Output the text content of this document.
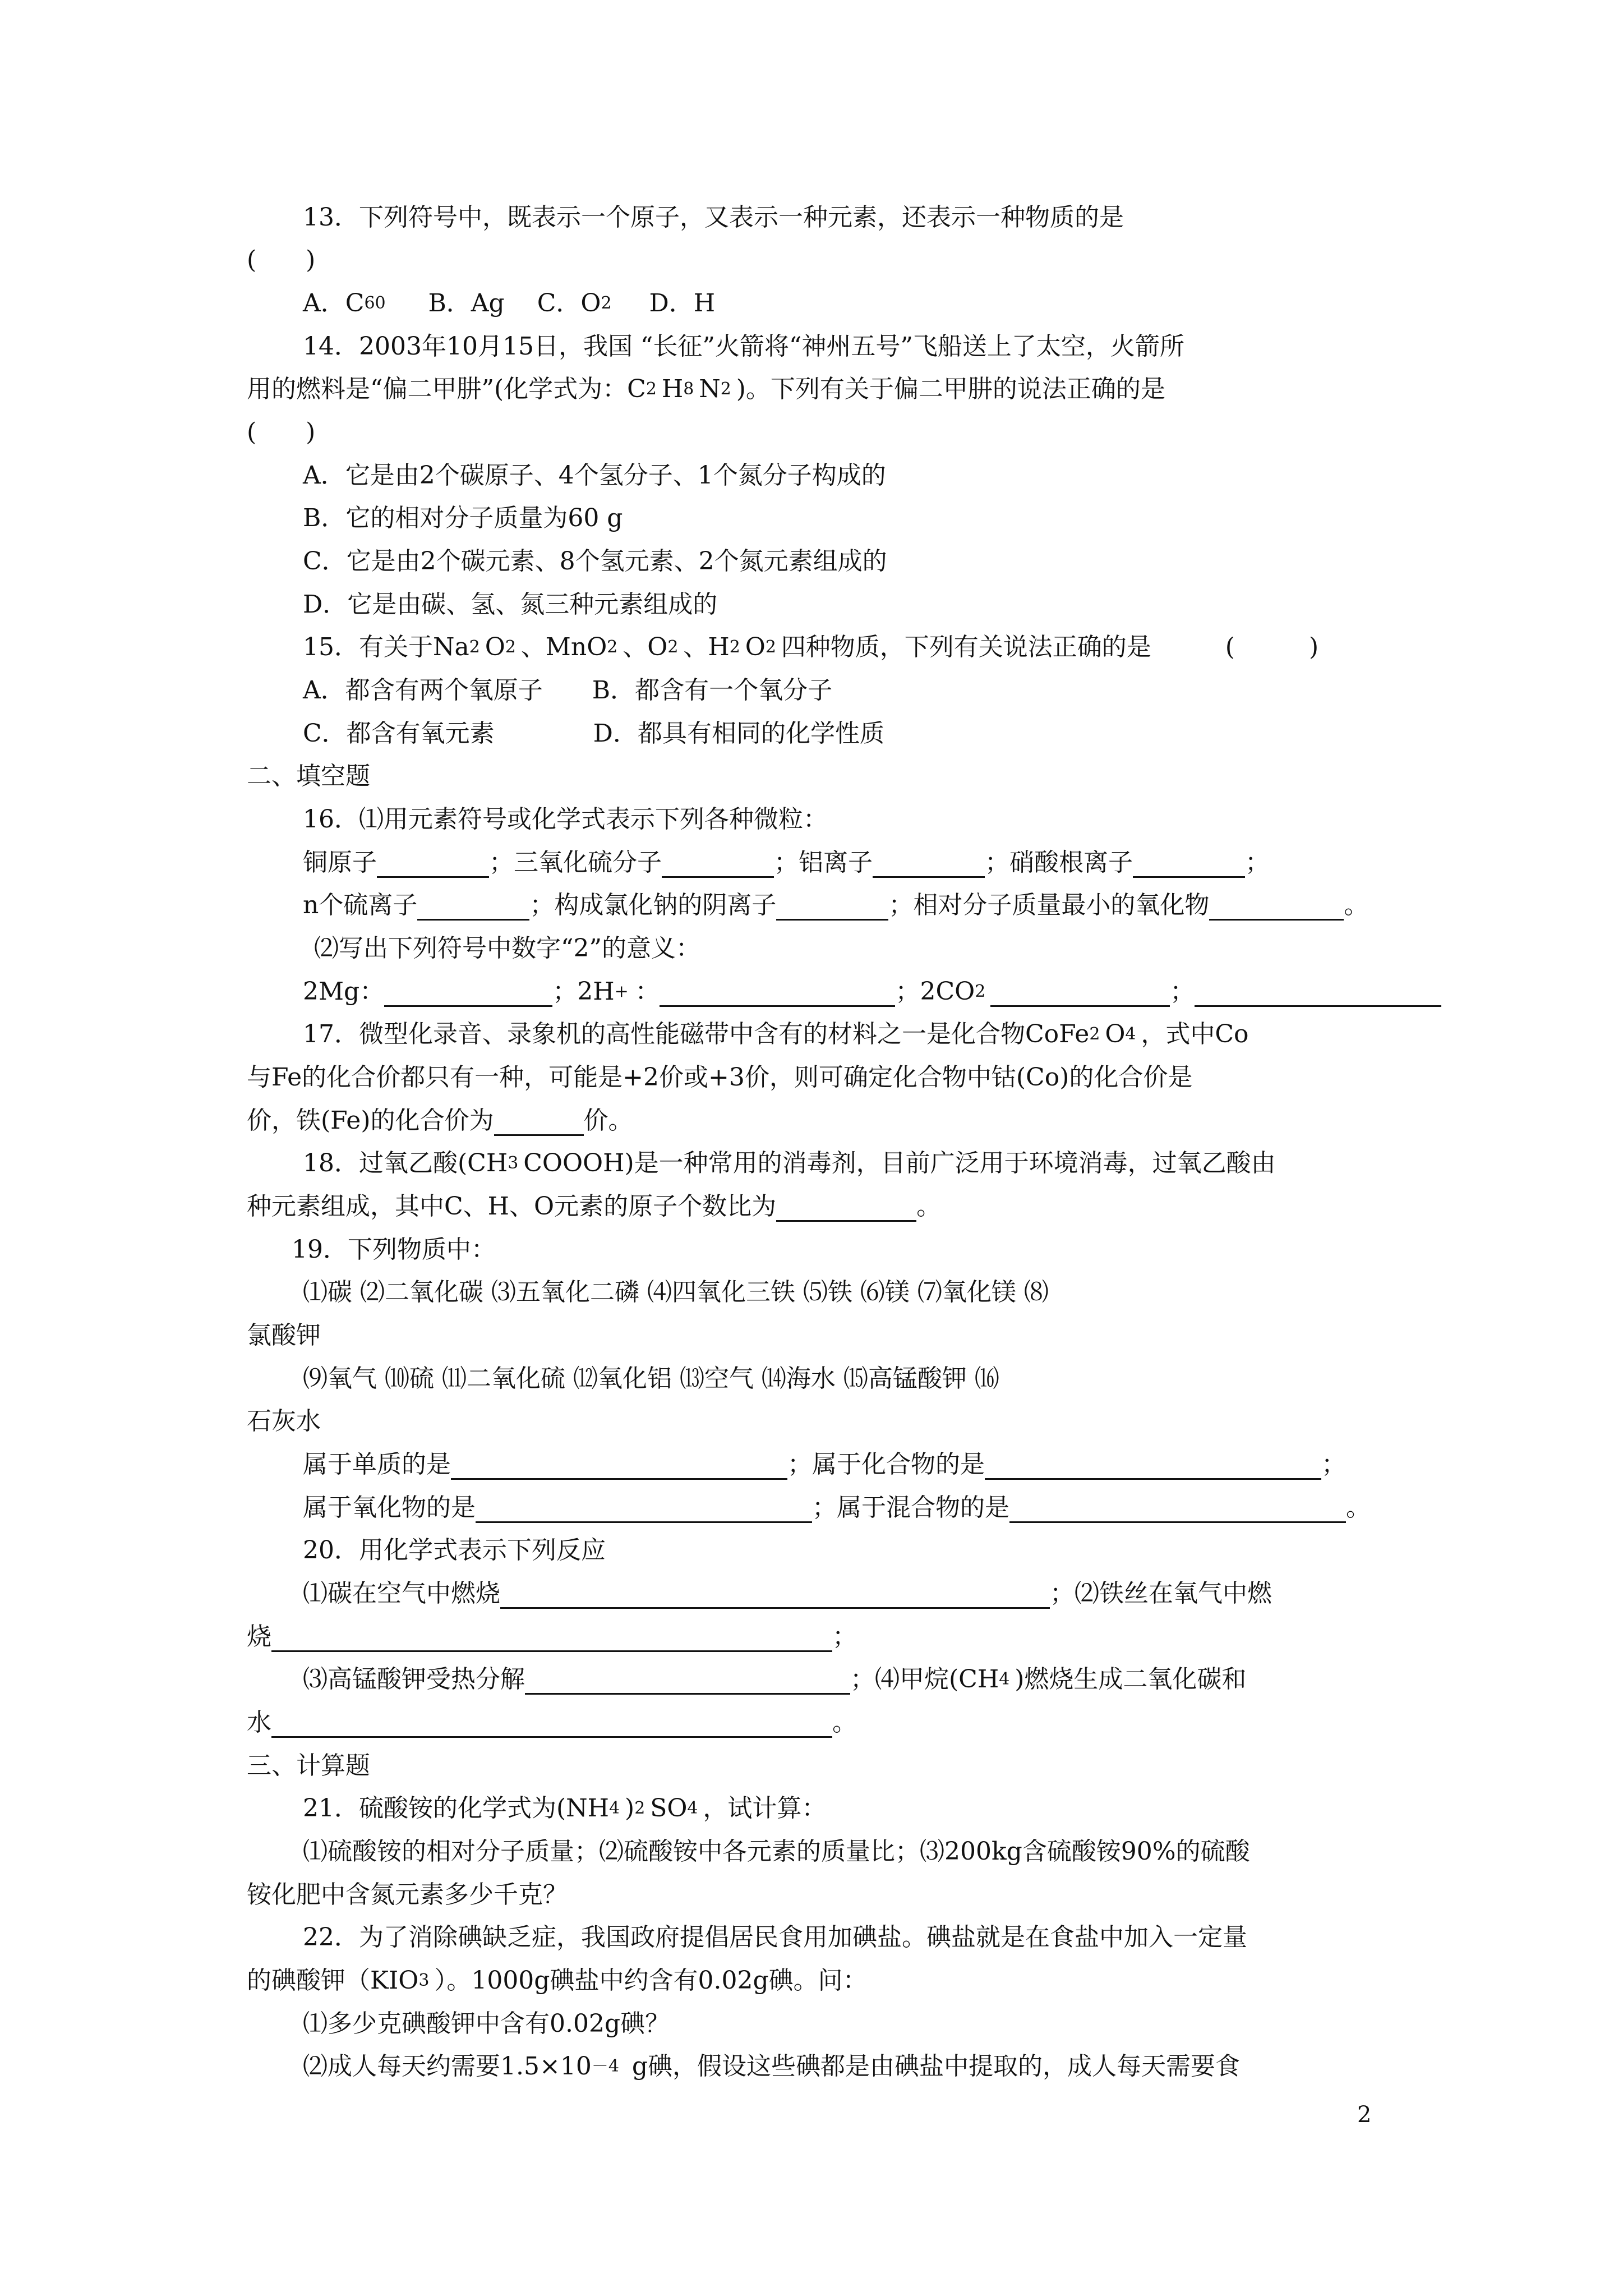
13．下列符号中，既表示一个原子，又表示一种元素，还表示一种物质的是
(　　)
A．C 60 　 B．Ag　 C．O 2 　 D．H
14．2003年10月15日，我国 “长征”火箭将“神州五号”飞船送上了太空，火箭所
用的燃料是“偏二甲肼”(化学式为：C 2 H 8 N 2 )。下列有关于偏二甲肼的说法正确的是
(　　)
A．它是由2个碳原子、4个氢分子、1个氮分子构成的
B．它的相对分子质量为60 g
C．它是由2个碳元素、8个氢元素、2个氮元素组成的
D．它是由碳、氢、氮三种元素组成的
15．有关于Na 2 O 2 、MnO 2 、O 2 、H 2 O 2 四种物质，下列有关说法正确的是　　　(　　　)
A．都含有两个氧原子　　B．都含有一个氧分子
C．都含有氧元素　　　　D．都具有相同的化学性质
二、填空题
16．⑴用元素符号或化学式表示下列各种微粒：
铜原子	；三氧化硫分子	；铝离子	；硝酸根离子	；
n个硫离子	；构成氯化钠的阴离子	；相对分子质量最小的氧化物	。
⑵写出下列符号中数字“2”的意义：
2Mg：	；2H + ：	；2CO 2	；
17．微型化录音、录象机的高性能磁带中含有的材料之一是化合物CoFe 2 O 4 ，式中Co
与Fe的化合价都只有一种，可能是+2价或+3价，则可确定化合物中钴(Co)的化合价是
价，铁(Fe)的化合价为	价。
18．过氧乙酸(CH 3 COOOH)是一种常用的消毒剂，目前广泛用于环境消毒，过氧乙酸由
种元素组成，其中C、H、O元素的原子个数比为	。
19．下列物质中：
⑴碳 ⑵二氧化碳 ⑶五氧化二磷 ⑷四氧化三铁 ⑸铁 ⑹镁 ⑺氧化镁 ⑻
氯酸钾
⑼氧气 ⑽硫 ⑾二氧化硫 ⑿氧化铝 ⒀空气 ⒁海水 ⒂高锰酸钾 ⒃
石灰水
属于单质的是	；属于化合物的是	；
属于氧化物的是	；属于混合物的是	。
20．用化学式表示下列反应
⑴碳在空气中燃烧	；⑵铁丝在氧气中燃
烧	；
⑶高锰酸钾受热分解	；⑷甲烷(CH 4 )燃烧生成二氧化碳和
水	。
三、计算题
21．硫酸铵的化学式为(NH 4 ) 2 SO 4 ，试计算：
⑴硫酸铵的相对分子质量；⑵硫酸铵中各元素的质量比；⑶200kg含硫酸铵90%的硫酸
铵化肥中含氮元素多少千克？
22．为了消除碘缺乏症，我国政府提倡居民食用加碘盐。碘盐就是在食盐中加入一定量
的碘酸钾（KIO 3 ）。1000g碘盐中约含有0.02g碘。问：
⑴多少克碘酸钾中含有0.02g碘？
⑵成人每天约需要1.5×10 －4 g碘，假设这些碘都是由碘盐中提取的，成人每天需要食
2
